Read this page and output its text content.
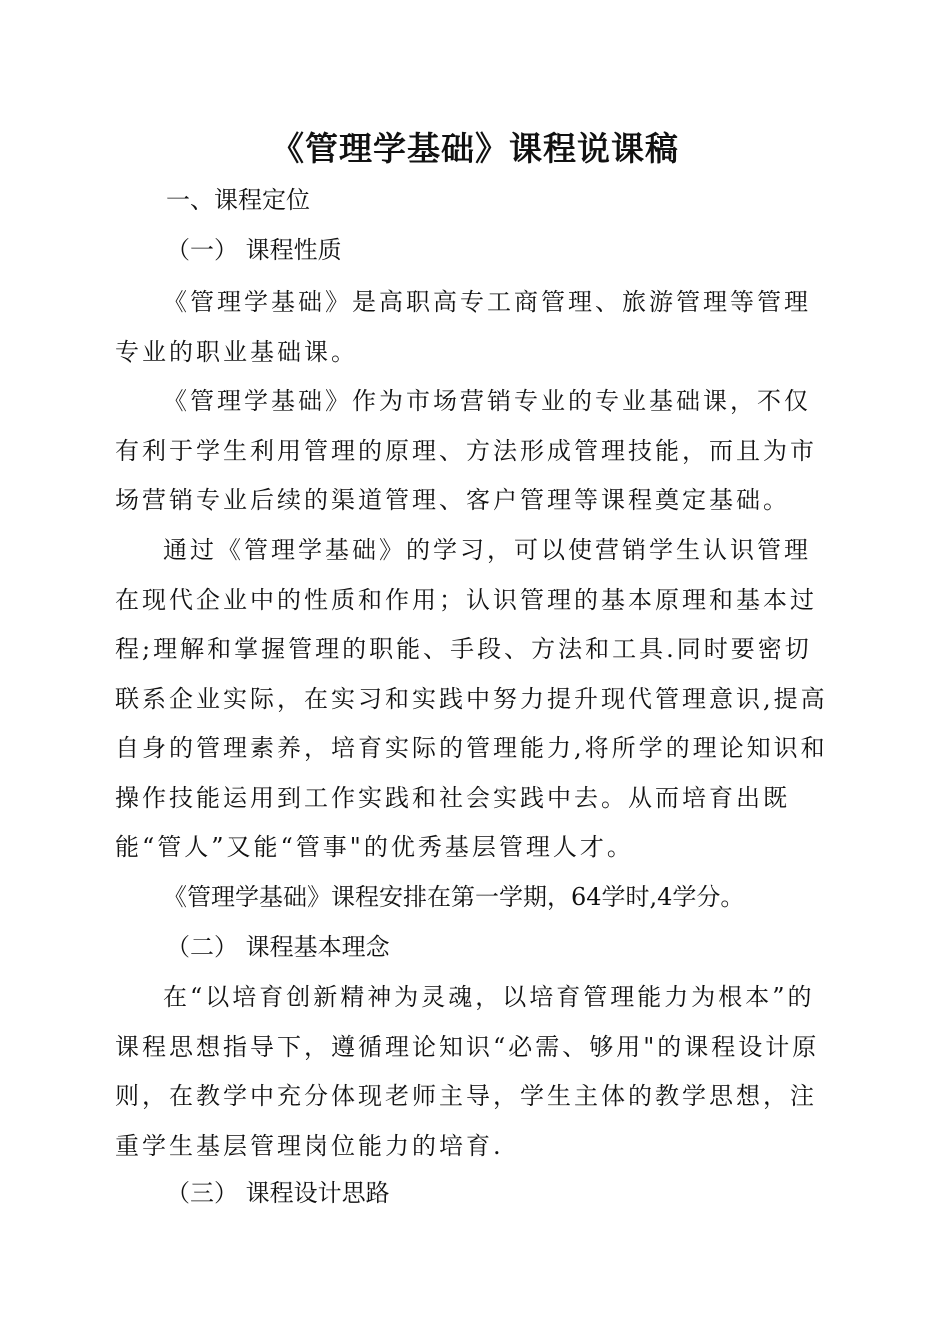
《管理学基础》课程说课稿
一、课程定位
（一） 课程性质
《管理学基础》是高职高专工商管理、旅游管理等管理专业的职业基础课。
《管理学基础》作为市场营销专业的专业基础课，不仅有利于学生利用管理的原理、方法形成管理技能，而且为市场营销专业后续的渠道管理、客户管理等课程奠定基础。
通过《管理学基础》的学习，可以使营销学生认识管理在现代企业中的性质和作用；认识管理的基本原理和基本过程;理解和掌握管理的职能、手段、方法和工具.同时要密切联系企业实际，在实习和实践中努力提升现代管理意识,提高自身的管理素养，培育实际的管理能力,将所学的理论知识和操作技能运用到工作实践和社会实践中去。从而培育出既能“管人”又能“管事"的优秀基层管理人才。
《管理学基础》课程安排在第一学期，64学时,4学分。
（二） 课程基本理念
在“以培育创新精神为灵魂，以培育管理能力为根本”的课程思想指导下，遵循理论知识“必需、够用"的课程设计原则，在教学中充分体现老师主导，学生主体的教学思想，注重学生基层管理岗位能力的培育.
（三） 课程设计思路
